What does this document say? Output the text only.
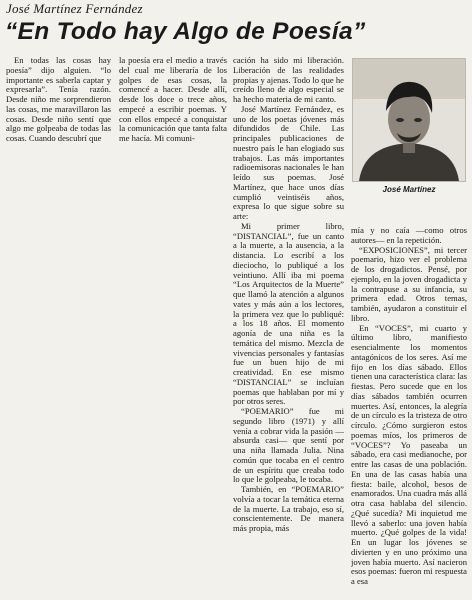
José Martínez Fernández
“En Todo hay Algo de Poesía”

En todas las cosas hay poesía” dijo alguien. “lo importante es saberla captar y expresarla”. Tenía razón. Desde niño me sorprendieron las cosas, me maravillaron las cosas. Desde niño sentí que algo me golpeaba de todas las cosas. Cuando descubrí que

la poesía era el medio a través del cual me liberaría de los golpes de esas cosas, la comencé a hacer. Desde allí, desde los doce o trece años, empecé a escribir poemas. Y con ellos empecé a conquistar la comunicación que tanta falta me hacía. Mi comuni-

cación ha sido mi liberación. Liberación de las realidades propias y ajenas. Todo lo que he creído lleno de algo especial se ha hecho materia de mi canto.

José Martínez Fernández, es uno de los poetas jóvenes más difundidos de Chile. Las principales publicaciones de nuestro país le han elogiado sus trabajos. Las más importantes radioemisoras nacionales le han leído sus poemas. José Martínez, que hace unos días cumplió veintiséis años, expresa lo que sigue sobre su arte:

Mi primer libro, “DISTANCIAL”, fue un canto a la muerte, a la ausencia, a la distancia. Lo escribí a los dieciocho, lo publiqué a los veintiuno. Allí iba mi poema “Los Arquitectos de la Muerte” que llamó la atención a algunos vates y más aún a los lectores, la primera vez que lo publiqué: a los 18 años. El momento agonía de una niña es la temática del mismo. Mezcla de vivencias personales y fantasías fue un buen hijo de mi creatividad. En ese mismo “DISTANCIAL” se incluían poemas que hablaban por mí y por otros seres.

“POEMARIO” fue mi segundo libro (1971) y allí venía a cobrar vida la pasión —absurda casi— que sentí por una niña llamada Julia. Nina común que tocaba en el centro de un espíritu que creaba todo lo que le golpeaba, le tocaba.

También, en “POEMARIO” volvía a tocar la temática eterna de la muerte. La trabajo, eso sí, conscientemente. De manera más propia, más

José Martínez

mía y no caía —como otros autores— en la repetición.

“EXPOSICIONES”, mi tercer poemario, hizo ver el problema de los drogadictos. Pensé, por ejemplo, en la joven drogadicta y la contrapuse a su infancia, su primera edad. Otros temas, también, ayudaron a constituir el libro.

En “VOCES”, mi cuarto y último libro, manifiesto esencialmente los momentos antagónicos de los seres. Así me fijo en los días sábado. Ellos tienen una característica clara: las fiestas. Pero sucede que en los días sábados también ocurren muertes. Así, entonces, la alegría de un círculo es la tristeza de otro círculo. ¿Cómo surgieron estos poemas míos, los primeros de “VOCES”? Yo paseaba un sábado, era casi medianoche, por entre las casas de una población. En una de las casas había una fiesta: baile, alcohol, besos de enamorados. Una cuadra más allá otra casa hablaba del silencio. ¿Qué sucedía? Mi inquietud me llevó a saberlo: una joven había muerto. ¿Qué golpes de la vida! En un lugar los jóvenes se divierten y en uno próximo una joven había muerto. Así nacieron esos poemas: fueron mi respuesta a esa
